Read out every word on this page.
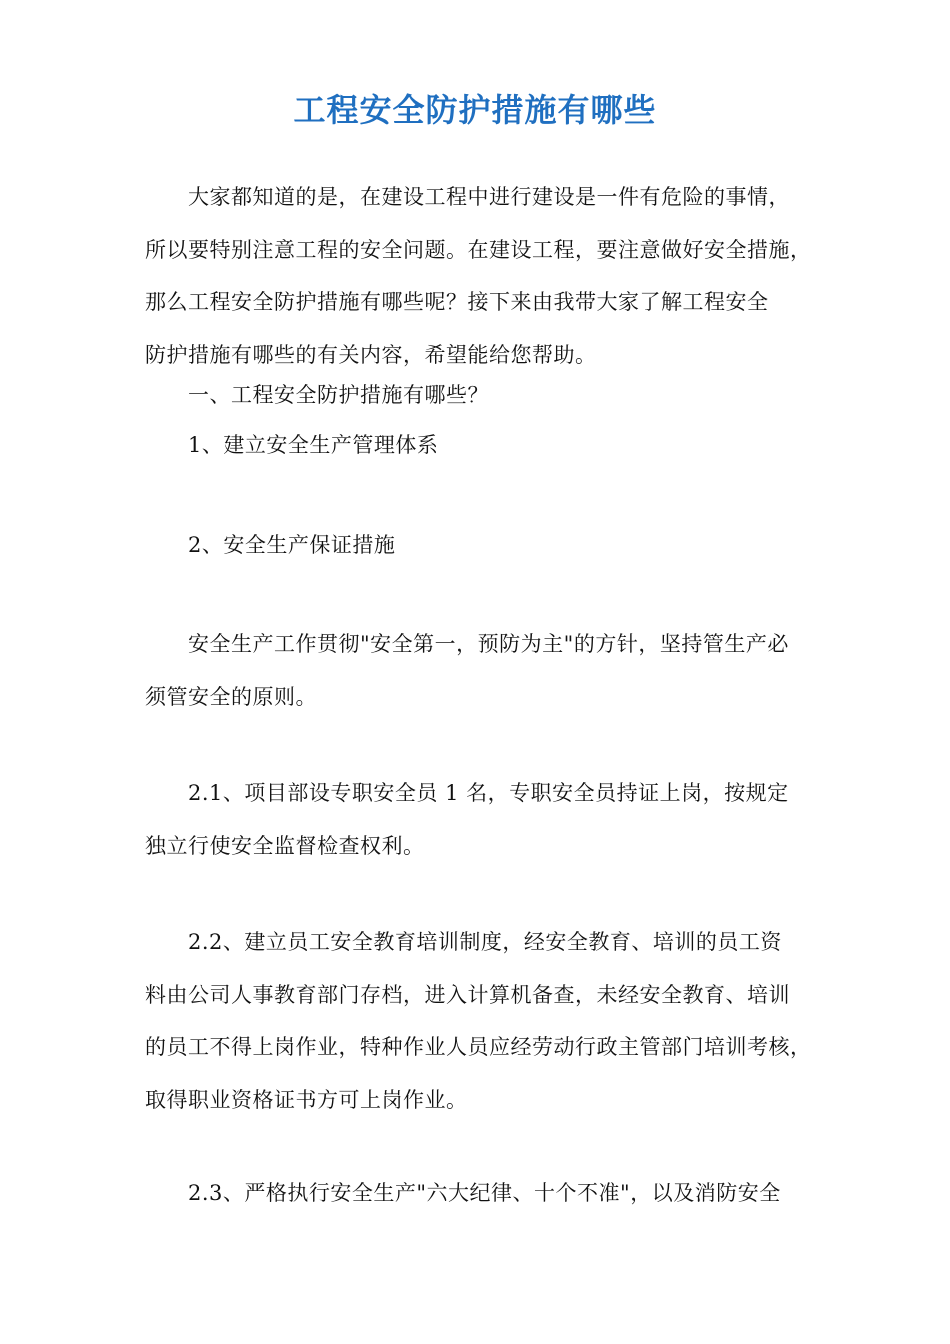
工程安全防护措施有哪些

大家都知道的是，在建设工程中进行建设是一件有危险的事情，
所以要特别注意工程的安全问题。在建设工程，要注意做好安全措施，
那么工程安全防护措施有哪些呢？接下来由我带大家了解工程安全
防护措施有哪些的有关内容，希望能给您帮助。

一、工程安全防护措施有哪些？

1、建立安全生产管理体系

2、安全生产保证措施

安全生产工作贯彻"安全第一，预防为主"的方针，坚持管生产必
须管安全的原则。

2.1、项目部设专职安全员 1 名，专职安全员持证上岗，按规定
独立行使安全监督检查权利。

2.2、建立员工安全教育培训制度，经安全教育、培训的员工资
料由公司人事教育部门存档，进入计算机备查，未经安全教育、培训
的员工不得上岗作业，特种作业人员应经劳动行政主管部门培训考核，
取得职业资格证书方可上岗作业。

2.3、严格执行安全生产"六大纪律、十个不准"，以及消防安全
